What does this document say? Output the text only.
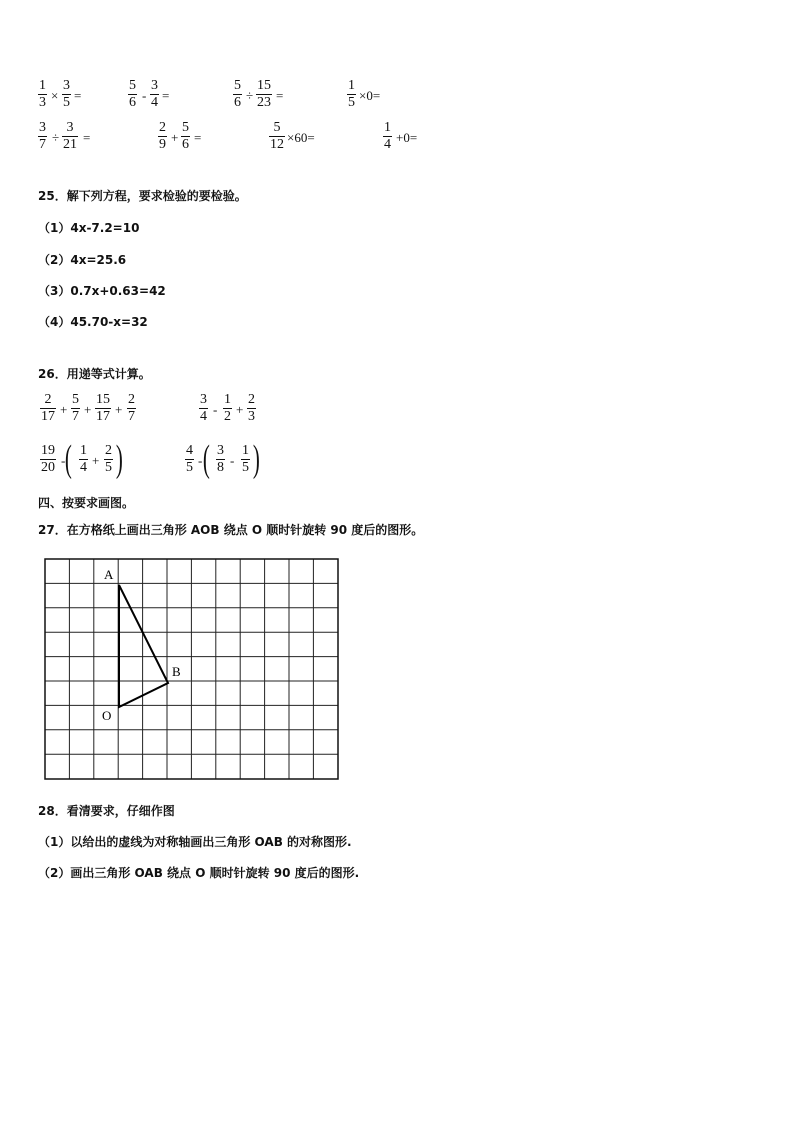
1
3 ×
3
5 =
5
6 -
3
4 =
5
6 ÷
15
23 =
1
5 ×0=
3
7 ÷
3
21 =
2
9 +
5
6 =
5
12 ×60=
1
4 +0=
25．解下列方程，要求检验的要检验。
（1）4x-7.2=10
（2）4x=25.6
（3）0.7x+0.63=42
（4）45.70-x=32
26．用递等式计算。
2
17 +
5
7 +
15
17 +
2
7
3
4 -
1
2 +
2
3
19
20 - ( 1
4 +
2
5 )	4
5 - ( 3
8 -
1
5 )
四、按要求画图。
27．在方格纸上画出三角形 AOB 绕点 O 顺时针旋转 90 度后的图形。
A
B
O
28．看清要求，仔细作图
（1）以给出的虚线为对称轴画出三角形 OAB 的对称图形.
（2）画出三角形 OAB 绕点 O 顺时针旋转 90 度后的图形.
